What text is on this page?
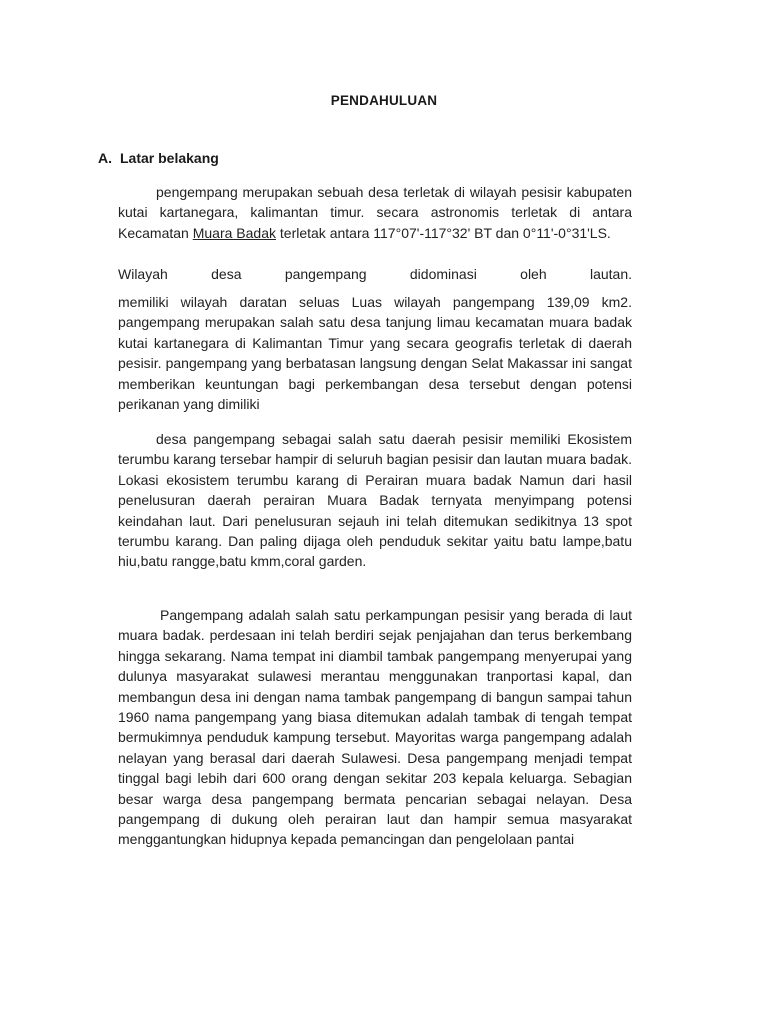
PENDAHULUAN
A. Latar belakang

pengempang merupakan sebuah desa terletak di wilayah pesisir kabupaten kutai kartanegara, kalimantan timur. secara astronomis terletak di antara Kecamatan Muara Badak terletak antara 117°07'-117°32' BT dan 0°11'-0°31'LS.

Wilayah desa pangempang didominasi oleh lautan.

memiliki wilayah daratan seluas Luas wilayah pangempang 139,09 km2. pangempang merupakan salah satu desa tanjung limau kecamatan muara badak kutai kartanegara di Kalimantan Timur yang secara geografis terletak di daerah pesisir. pangempang yang berbatasan langsung dengan Selat Makassar ini sangat memberikan keuntungan bagi perkembangan desa tersebut dengan potensi perikanan yang dimiliki

desa pangempang sebagai salah satu daerah pesisir memiliki Ekosistem terumbu karang tersebar hampir di seluruh bagian pesisir dan lautan muara badak. Lokasi ekosistem terumbu karang di Perairan muara badak Namun dari hasil penelusuran daerah perairan Muara Badak ternyata menyimpang potensi keindahan laut. Dari penelusuran sejauh ini telah ditemukan sedikitnya 13 spot terumbu karang. Dan paling dijaga oleh penduduk sekitar yaitu batu lampe,batu hiu,batu rangge,batu kmm,coral garden.

Pangempang adalah salah satu perkampungan pesisir yang berada di laut muara badak. perdesaan ini telah berdiri sejak penjajahan dan terus berkembang hingga sekarang. Nama tempat ini diambil tambak pangempang menyerupai yang dulunya masyarakat sulawesi merantau menggunakan tranportasi kapal, dan membangun desa ini dengan nama tambak pangempang di bangun sampai tahun 1960 nama pangempang yang biasa ditemukan adalah tambak di tengah tempat bermukimnya penduduk kampung tersebut. Mayoritas warga pangempang adalah nelayan yang berasal dari daerah Sulawesi. Desa pangempang menjadi tempat tinggal bagi lebih dari 600 orang dengan sekitar 203 kepala keluarga. Sebagian besar warga desa pangempang bermata pencarian sebagai nelayan. Desa pangempang di dukung oleh perairan laut dan hampir semua masyarakat menggantungkan hidupnya kepada pemancingan dan pengelolaan pantai
